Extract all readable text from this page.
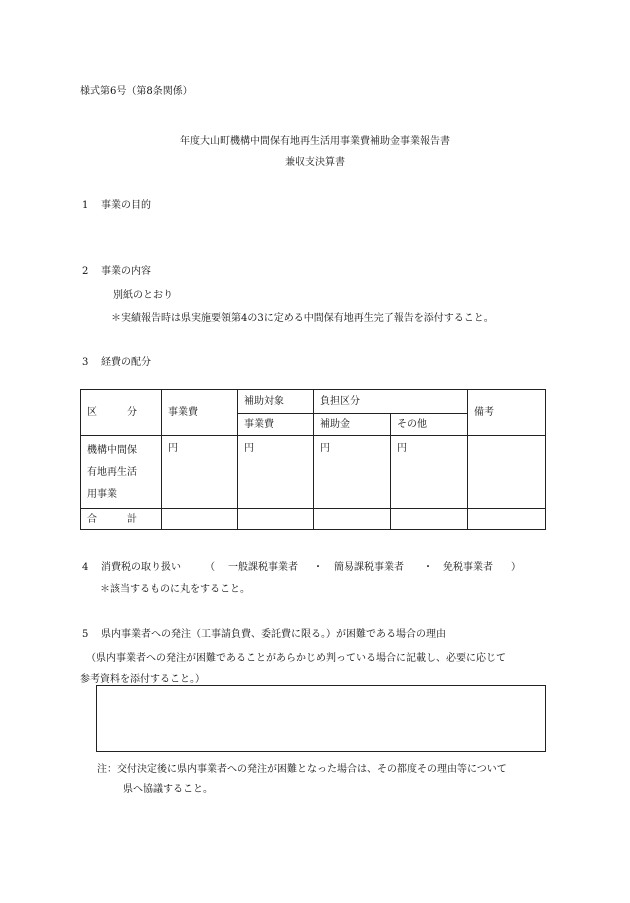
様式第6号（第8条関係）
年度大山町機構中間保有地再生活用事業費補助金事業報告書
兼収支決算書
1 事業の目的
2 事業の内容
別紙のとおり
＊実績報告時は県実施要領第4の3に定める中間保有地再生完了報告を添付すること。
3 経費の配分
区 分	事業費	補助対象	負担区分		備考
		事業費	補助金	その他	

機構中間保
有地再生活
用事業	円	円	円	円	

合 計					

4 消費税の取り扱い （ 一般課税事業者 ・ 簡易課税事業者 ・ 免税事業者 ）
＊該当するものに丸をすること。
5 県内事業者への発注（工事請負費、委託費に限る。）が困難である場合の理由
（県内事業者への発注が困難であることがあらかじめ判っている場合に記載し、必要に応じて
参考資料を添付すること。）
注：交付決定後に県内事業者への発注が困難となった場合は、その都度その理由等について
県へ協議すること。
